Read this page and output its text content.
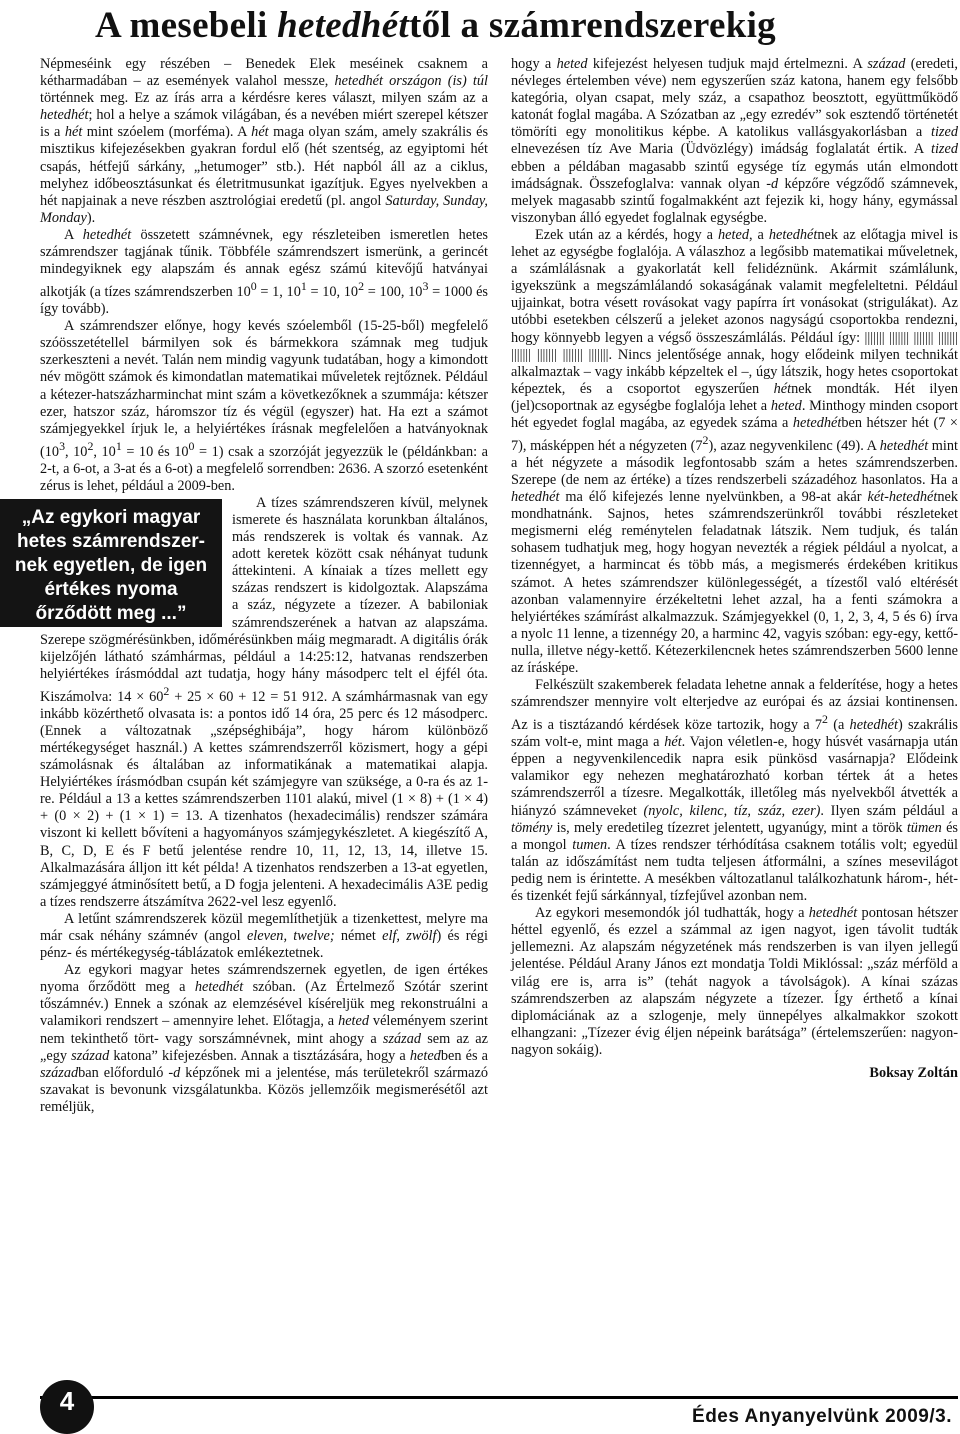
A mesebeli hetedhéttől a számrendszerekig

Népmeséink egy részében – Benedek Elek meséinek csaknem a kétharmadában – az események valahol messze, hetedhét országon (is) túl történnek meg. Ez az írás arra a kérdésre keres választ, milyen szám az a hetedhét; hol a helye a számok világában, és a nevében miért szerepel kétszer is a hét mint szóelem (morféma). A hét maga olyan szám, amely szakrális és misztikus kifejezésekben gyakran fordul elő (hét szentség, az egyiptomi hét csapás, hétfejű sárkány, „hetumoger” stb.). Hét napból áll az a ciklus, melyhez időbeosztásunkat és életritmusunkat igazítjuk. Egyes nyelvekben a hét napjainak a neve részben asztrológiai eredetű (pl. angol Saturday, Sunday, Monday).

A hetedhét összetett számnévnek, egy részleteiben ismeretlen hetes számrendszer tagjának tűnik. Többféle számrendszert ismerünk, a gerincét mindegyiknek egy alapszám és annak egész számú kitevőjű hatványai alkotják (a tízes számrendszerben $10^0 = 1$, $10^1 = 10$, $10^2 = 100$, $10^3 = 1000$ és így tovább).

A számrendszer előnye, hogy kevés szóelemből (15-25-ből) megfelelő szóösszetétellel bármilyen sok és bármekkora számnak meg tudjuk szerkeszteni a nevét. Talán nem mindig vagyunk tudatában, hogy a kimondott név mögött számok és kimondatlan matematikai műveletek rejtőznek. Például a kétezer-hatszázharminchat mint szám a következőknek a szummája: kétszer ezer, hatszor száz, háromszor tíz és végül (egyszer) hat. Ha ezt a számot számjegyekkel írjuk le, a helyiértékes írásnak megfelelően a hatványoknak ($10^3$, $10^2$, $10^1 = 10$ és $10^0 = 1$) csak a szorzóját jegyezzük le (példánkban: a 2-t, a 6-ot, a 3-at és a 6-ot) a megfelelő sorrendben: 2636. A szorzó esetenként zérus is lehet, például a 2009-ben.

„Az egykori magyar hetes számrendszer-nek egyetlen, de igen értékes nyoma őrződött meg ...”

A tízes számrendszeren kívül, melynek ismerete és használata korunkban általános, más rendszerek is voltak és vannak. Az adott keretek között csak néhányat tudunk áttekinteni. A kínaiak a tízes mellett egy százas rendszert is kidolgoztak. Alapszáma a száz, négyzete a tízezer. A babiloniak számrendszerének a hatvan az alapszáma. Szerepe szögmérésünkben, időmérésünkben máig megmaradt. A digitális órák kijelzőjén látható számhármas, például a 14:25:12, hatvanas rendszerben helyiértékes írásmóddal azt tudatja, hogy hány másodperc telt el éjfél óta. Kiszámolva: $14 \times 60^2 + 25 \times 60 + 12 = 51$ 912. A számhármasnak van egy inkább közérthető olvasata is: a pontos idő 14 óra, 25 perc és 12 másodperc. (Ennek a változatnak „szépséghibája”, hogy három különböző mértékegységet használ.) A kettes számrendszerről közismert, hogy a gépi számolásnak és általában az informatikának a matematikai alapja. Helyiértékes írásmódban csupán két számjegyre van szüksége, a 0-ra és az 1-re. Például a 13 a kettes számrendszerben 1101 alakú, mivel (1 × 8) + (1 × 4) + (0 × 2) + (1 × 1) = 13. A tizenhatos (hexadecimális) rendszer számára viszont ki kellett bővíteni a hagyományos számjegykészletet. A kiegészítő A, B, C, D, E és F betű jelentése rendre 10, 11, 12, 13, 14, illetve 15. Alkalmazására álljon itt két példa! A tizenhatos rendszerben a 13-at egyetlen, számjeggyé átminősített betű, a D fogja jelenteni. A hexadecimális A3E pedig a tízes rendszerre átszámítva 2622-vel lesz egyenlő.

A letűnt számrendszerek közül megemlíthetjük a tizenkettest, melyre ma már csak néhány számnév (angol eleven, twelve; német elf, zwölf) és régi pénz- és mértékegység-táblázatok emlékeztetnek.

Az egykori magyar hetes számrendszernek egyetlen, de igen értékes nyoma őrződött meg a hetedhét szóban. (Az Értelmező Szótár szerint tőszámnév.) Ennek a szónak az elemzésével kíséreljük meg rekonstruálni a valamikori rendszert – amennyire lehet. Előtagja, a heted véleményem szerint nem tekinthető tört- vagy sorszámnévnek, mint ahogy a század sem az az „egy század katona” kifejezésben. Annak a tisztázására, hogy a hetedben és a században előforduló -d képzőnek mi a jelentése, más területekről származó szavakat is bevonunk vizsgálatunkba. Közös jellemzőik megismerésétől azt reméljük,

hogy a heted kifejezést helyesen tudjuk majd értelmezni. A század (eredeti, névleges értelemben véve) nem egyszerűen száz katona, hanem egy felsőbb kategória, olyan csapat, mely száz, a csapathoz beosztott, együttműködő katonát foglal magába. A Szózatban az „egy ezredév” sok esztendő történetét tömöríti egy monolitikus képbe. A katolikus vallásgyakorlásban a tized elnevezésen tíz Ave Maria (Üdvözlégy) imádság foglalatát értik. A tized ebben a példában magasabb szintű egysége tíz egymás után elmondott imádságnak. Összefoglalva: vannak olyan -d képzőre végződő számnevek, melyek magasabb szintű fogalmakként azt fejezik ki, hogy hány, egymással viszonyban álló egyedet foglalnak egységbe.

Ezek után az a kérdés, hogy a heted, a hetedhétnek az előtagja mivel is lehet az egységbe foglalója. A válaszhoz a legősibb matematikai műveletnek, a számlálásnak a gyakorlatát kell felidéznünk. Akármit számlálunk, igyekszünk a megszámlálandó sokaságának valamit megfeleltetni. Például ujjainkat, botra vésett rovásokat vagy papírra írt vonásokat (strigulákat). Az utóbbi esetekben célszerű a jeleket azonos nagyságú csoportokba rendezni, hogy könnyebb legyen a végső összeszámlálás. Például így: ||||||| ||||||| ||||||| ||||||| ||||||| ||||||| ||||||| |||||||. Nincs jelentősége annak, hogy elődeink milyen technikát alkalmaztak – vagy inkább képzeltek el –, úgy látszik, hogy hetes csoportokat képeztek, és a csoportot egyszerűen hétnek mondták. Hét ilyen (jel)csoportnak az egységbe foglalója lehet a heted. Minthogy minden csoport hét egyedet foglal magába, az egyedek száma a hetedhétben hétszer hét (7 × 7), másképpen hét a négyzeten $(7^2)$, azaz negyvenkilenc (49). A hetedhét mint a hét négyzete a második legfontosabb szám a hetes számrendszerben. Szerepe (de nem az értéke) a tízes rendszerbeli századéhoz hasonlatos. Ha a hetedhét ma élő kifejezés lenne nyelvünkben, a 98-at akár két-hetedhétnek mondhatnánk. Sajnos, hetes számrendszerünkről további részleteket megismerni elég reménytelen feladatnak látszik. Nem tudjuk, és talán sohasem tudhatjuk meg, hogy hogyan nevezték a régiek például a nyolcat, a tizennégyet, a harmincat és több más, a megismerés érdekében kritikus számot. A hetes számrendszer különlegességét, a tízestől való eltérését azonban valamennyire érzékeltetni lehet azzal, ha a fenti számokra a helyiértékes számírást alkalmazzuk. Számjegyekkel (0, 1, 2, 3, 4, 5 és 6) írva a nyolc 11 lenne, a tizennégy 20, a harminc 42, vagyis szóban: egy-egy, kettő-nulla, illetve négy-kettő. Kétezerkilencnek hetes számrendszerben 5600 lenne az írásképe.

Felkészült szakemberek feladata lehetne annak a felderítése, hogy a hetes számrendszer mennyire volt elterjedve az európai és az ázsiai kontinensen. Az is a tisztázandó kérdések köze tartozik, hogy a $7^2$ (a hetedhét) szakrális szám volt-e, mint maga a hét. Vajon véletlen-e, hogy húsvét vasárnapja után éppen a negyvenkilencedik napra esik pünkösd vasárnapja? Elődeink valamikor egy nehezen meghatározható korban tértek át a hetes számrendszerről a tízesre. Megalkották, illetőleg más nyelvekből átvették a hiányzó számneveket (nyolc, kilenc, tíz, száz, ezer). Ilyen szám például a tömény is, mely eredetileg tízezret jelentett, ugyanúgy, mint a török tümen és a mongol tumen. A tízes rendszer térhódítása csaknem totális volt; egyedül talán az időszámítást nem tudta teljesen átformálni, a színes mesevilágot pedig nem is érintette. A mesékben változatlanul találkozhatunk három-, hét- és tizenkét fejű sárkánnyal, tízfejűvel azonban nem.

Az egykori mesemondók jól tudhatták, hogy a hetedhét pontosan hétszer héttel egyenlő, és ezzel a számmal az igen nagyot, igen távolit tudták jellemezni. Az alapszám négyzetének más rendszerben is van ilyen jellegű jelentése. Például Arany János ezt mondatja Toldi Miklóssal: „száz mérföld a világ ere is, arra is” (tehát nagyok a távolságok). A kínai százas számrendszerben az alapszám négyzete a tízezer. Így érthető a kínai diplomáciának az a szlogenje, mely ünnepélyes alkalmakkor szokott elhangzani: „Tízezer évig éljen népeink barátsága” (értelemszerűen: nagyon-nagyon sokáig).

Boksay Zoltán

4
Édes Anyanyelvünk 2009/3.
